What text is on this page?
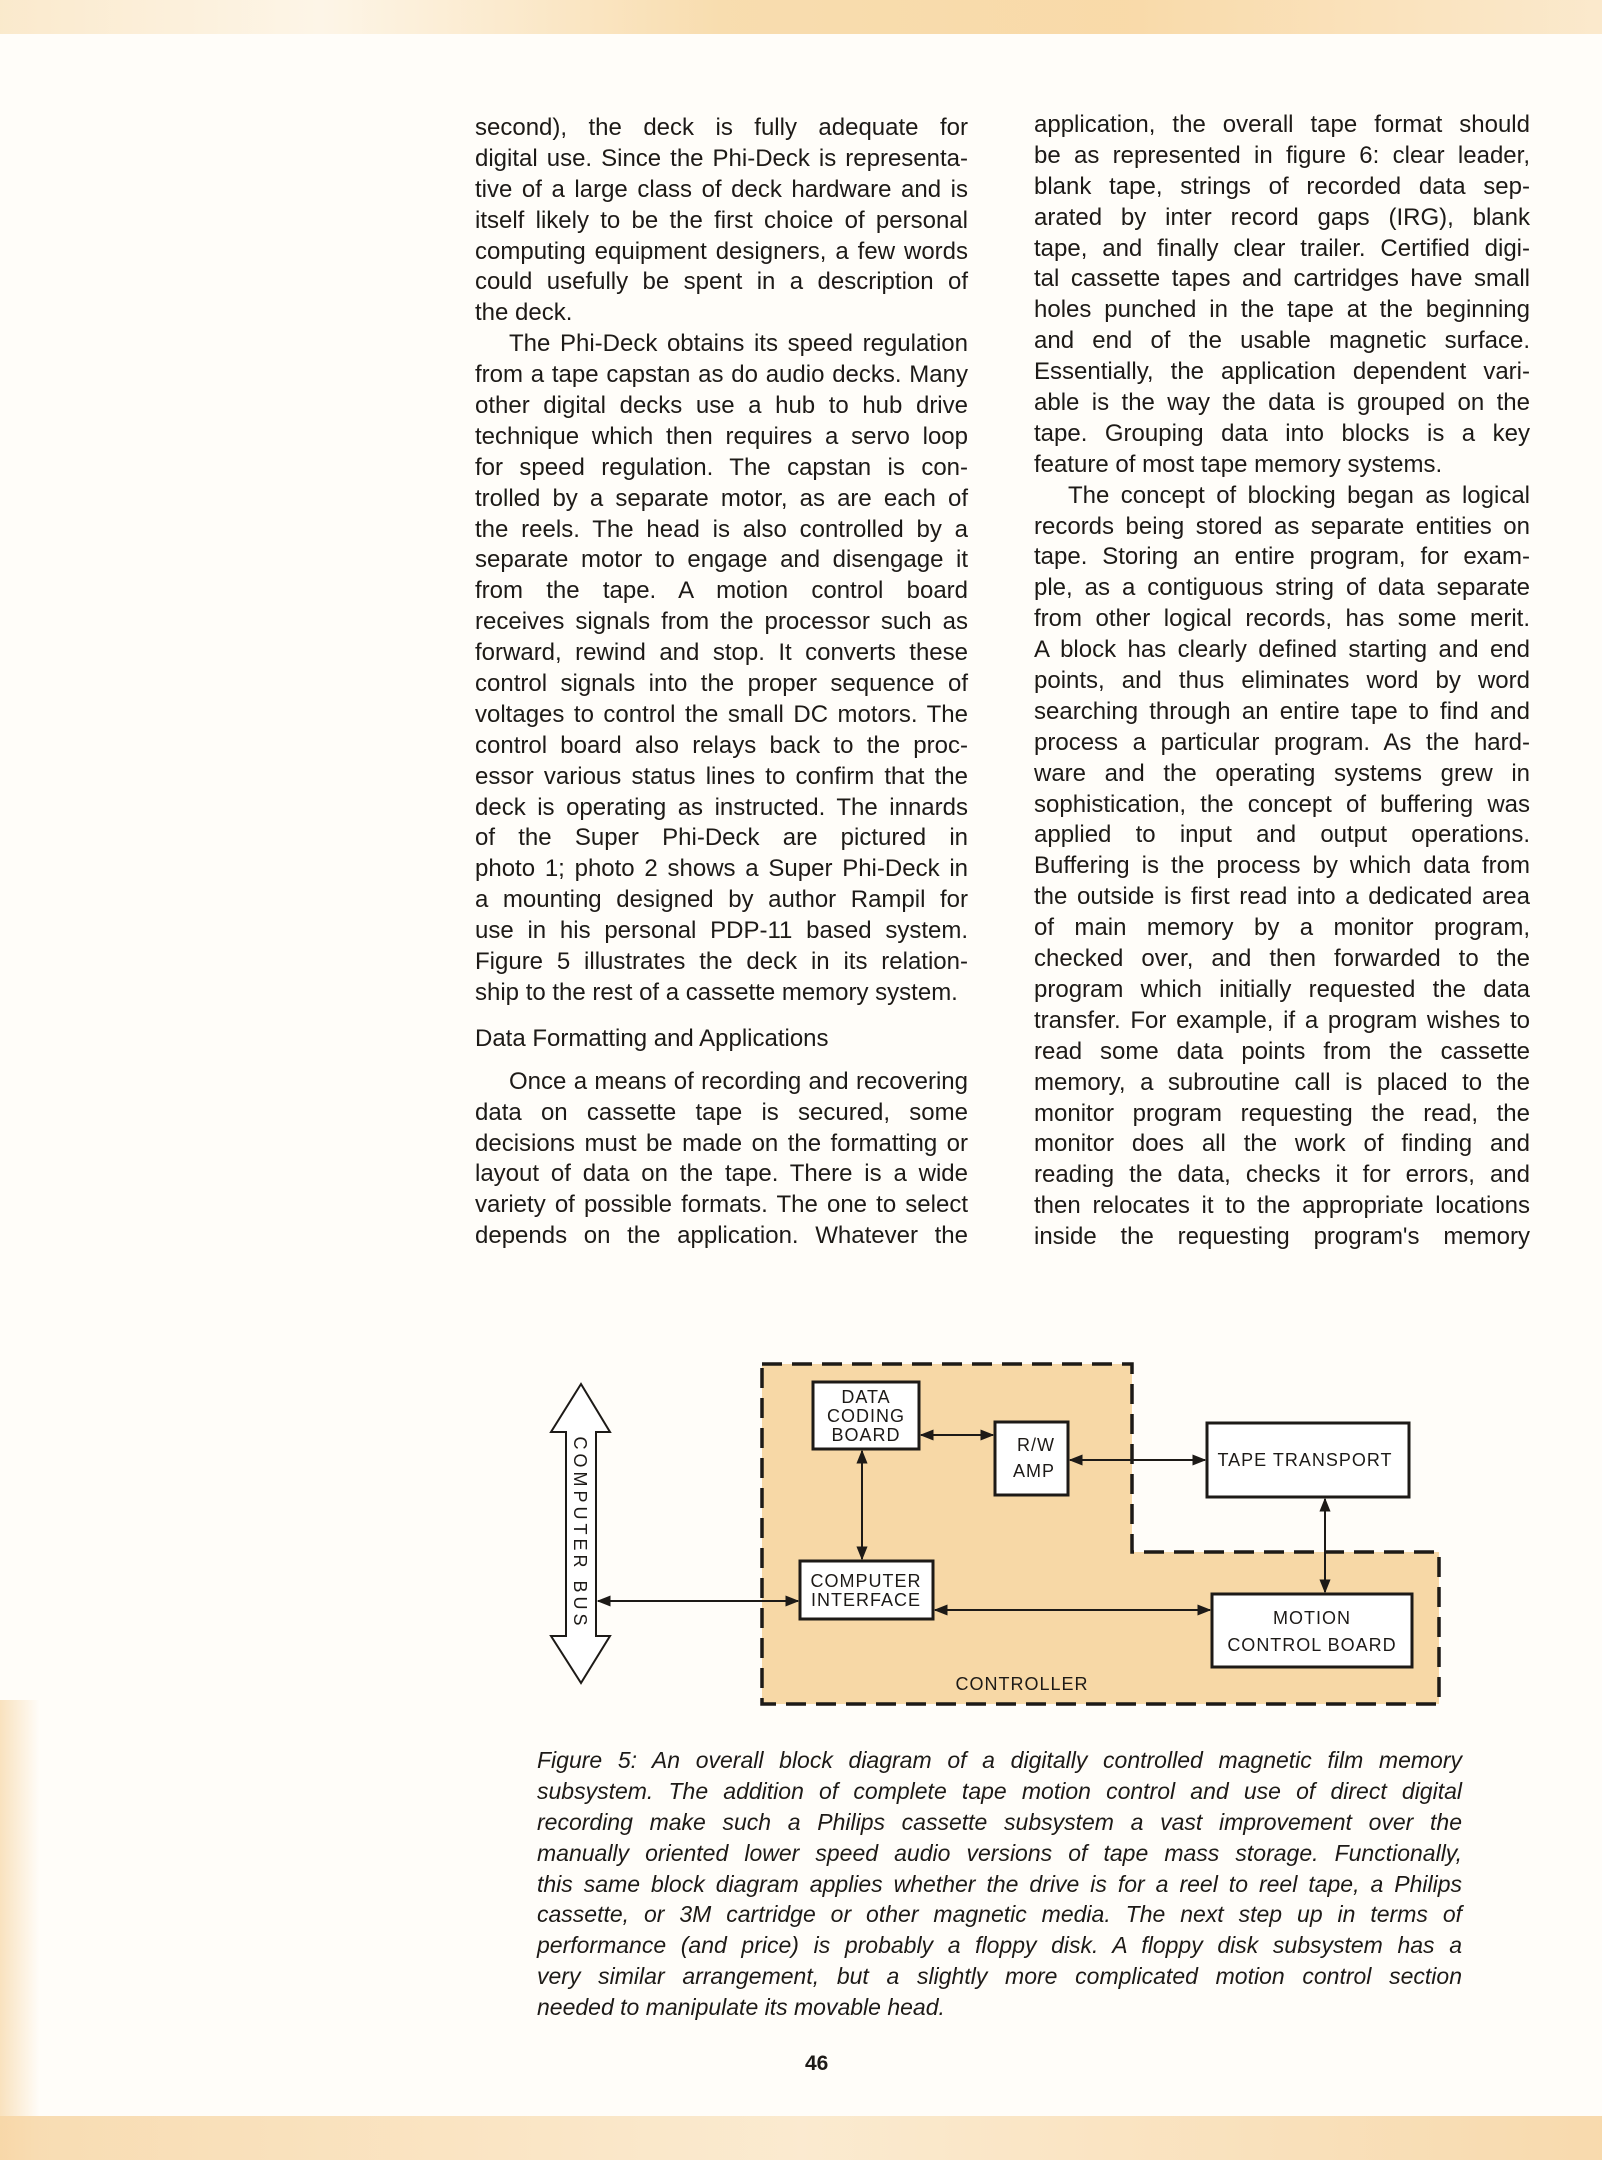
second), the deck is fully adequate for
digital use. Since the Phi-Deck is representa-
tive of a large class of deck hardware and is
itself likely to be the first choice of personal
computing equipment designers, a few words
could usefully be spent in a description of
the deck.
The Phi-Deck obtains its speed regulation
from a tape capstan as do audio decks. Many
other digital decks use a hub to hub drive
technique which then requires a servo loop
for speed regulation. The capstan is con-
trolled by a separate motor, as are each of
the reels. The head is also controlled by a
separate motor to engage and disengage it
from the tape. A motion control board
receives signals from the processor such as
forward, rewind and stop. It converts these
control signals into the proper sequence of
voltages to control the small DC motors. The
control board also relays back to the proc-
essor various status lines to confirm that the
deck is operating as instructed. The innards
of the Super Phi-Deck are pictured in
photo 1; photo 2 shows a Super Phi-Deck in
a mounting designed by author Rampil for
use in his personal PDP-11 based system.
Figure 5 illustrates the deck in its relation-
ship to the rest of a cassette memory system.
Data Formatting and Applications
Once a means of recording and recovering
data on cassette tape is secured, some
decisions must be made on the formatting or
layout of data on the tape. There is a wide
variety of possible formats. The one to select
depends on the application. Whatever the
application, the overall tape format should
be as represented in figure 6: clear leader,
blank tape, strings of recorded data sep-
arated by inter record gaps (IRG), blank
tape, and finally clear trailer. Certified digi-
tal cassette tapes and cartridges have small
holes punched in the tape at the beginning
and end of the usable magnetic surface.
Essentially, the application dependent vari-
able is the way the data is grouped on the
tape. Grouping data into blocks is a key
feature of most tape memory systems.
The concept of blocking began as logical
records being stored as separate entities on
tape. Storing an entire program, for exam-
ple, as a contiguous string of data separate
from other logical records, has some merit.
A block has clearly defined starting and end
points, and thus eliminates word by word
searching through an entire tape to find and
process a particular program. As the hard-
ware and the operating systems grew in
sophistication, the concept of buffering was
applied to input and output operations.
Buffering is the process by which data from
the outside is first read into a dedicated area
of main memory by a monitor program,
checked over, and then forwarded to the
program which initially requested the data
transfer. For example, if a program wishes to
read some data points from the cassette
memory, a subroutine call is placed to the
monitor program requesting the read, the
monitor does all the work of finding and
reading the data, checks it for errors, and
then relocates it to the appropriate locations
inside the requesting program's memory
CONTROLLER
COMPUTER BUS
DATA
CODING
BOARD	R/W
AMP
TAPE TRANSPORT
COMPUTER
INTERFACE
MOTION
CONTROL BOARD
Figure 5: An overall block diagram of a digitally controlled magnetic film memory
subsystem. The addition of complete tape motion control and use of direct digital
recording make such a Philips cassette subsystem a vast improvement over the
manually oriented lower speed audio versions of tape mass storage. Functionally,
this same block diagram applies whether the drive is for a reel to reel tape, a Philips
cassette, or 3M cartridge or other magnetic media. The next step up in terms of
performance (and price) is probably a floppy disk. A floppy disk subsystem has a
very similar arrangement, but a slightly more complicated motion control section
needed to manipulate its movable head.
46
